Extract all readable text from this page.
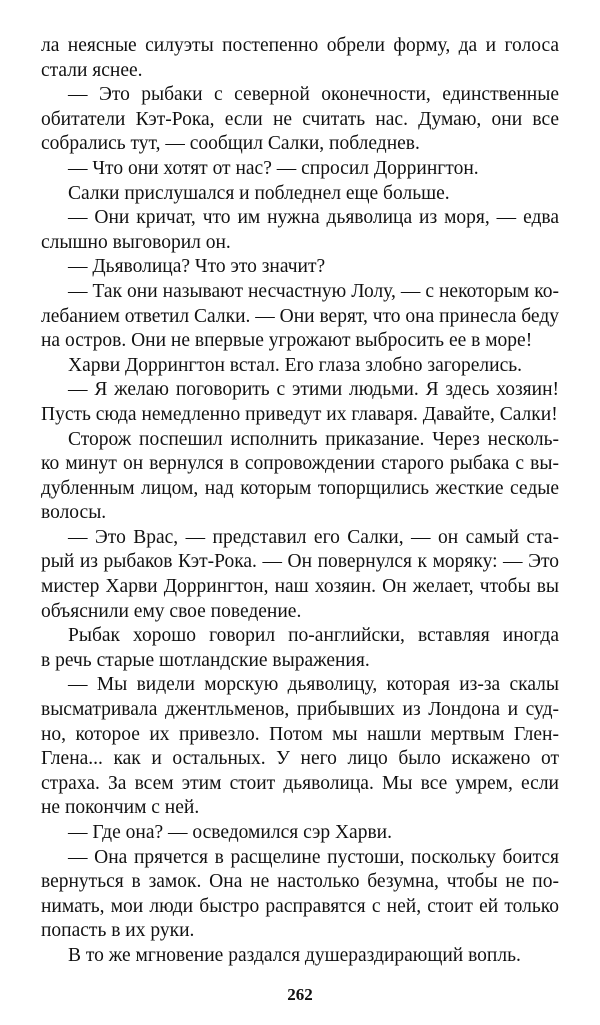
ла неясные силуэты постепенно обрели форму, да и голоса
стали яснее.
— Это рыбаки с северной оконечности, единственные
обитатели Кэт-Рока, если не считать нас. Думаю, они все
собрались тут, — сообщил Салки, побледнев.
— Что они хотят от нас? — спросил Доррингтон.
Салки прислушался и побледнел еще больше.
— Они кричат, что им нужна дьяволица из моря, — едва
слышно выговорил он.
— Дьяволица? Что это значит?
— Так они называют несчастную Лолу, — с некоторым ко-
лебанием ответил Салки. — Они верят, что она принесла беду
на остров. Они не впервые угрожают выбросить ее в море!
Харви Доррингтон встал. Его глаза злобно загорелись.
— Я желаю поговорить с этими людьми. Я здесь хозяин!
Пусть сюда немедленно приведут их главаря. Давайте, Салки!
Сторож поспешил исполнить приказание. Через несколь-
ко минут он вернулся в сопровождении старого рыбака с вы-
дубленным лицом, над которым топорщились жесткие седые
волосы.
— Это Врас, — представил его Салки, — он самый ста-
рый из рыбаков Кэт-Рока. — Он повернулся к моряку: — Это
мистер Харви Доррингтон, наш хозяин. Он желает, чтобы вы
объяснили ему свое поведение.
Рыбак хорошо говорил по-английски, вставляя иногда
в речь старые шотландские выражения.
— Мы видели морскую дьяволицу, которая из-за скалы
высматривала джентльменов, прибывших из Лондона и суд-
но, которое их привезло. Потом мы нашли мертвым Глен-
Глена... как и остальных. У него лицо было искажено от
страха. За всем этим стоит дьяволица. Мы все умрем, если
не покончим с ней.
— Где она? — осведомился сэр Харви.
— Она прячется в расщелине пустоши, поскольку боится
вернуться в замок. Она не настолько безумна, чтобы не по-
нимать, мои люди быстро расправятся с ней, стоит ей только
попасть в их руки.
В то же мгновение раздался душераздирающий вопль.
262
